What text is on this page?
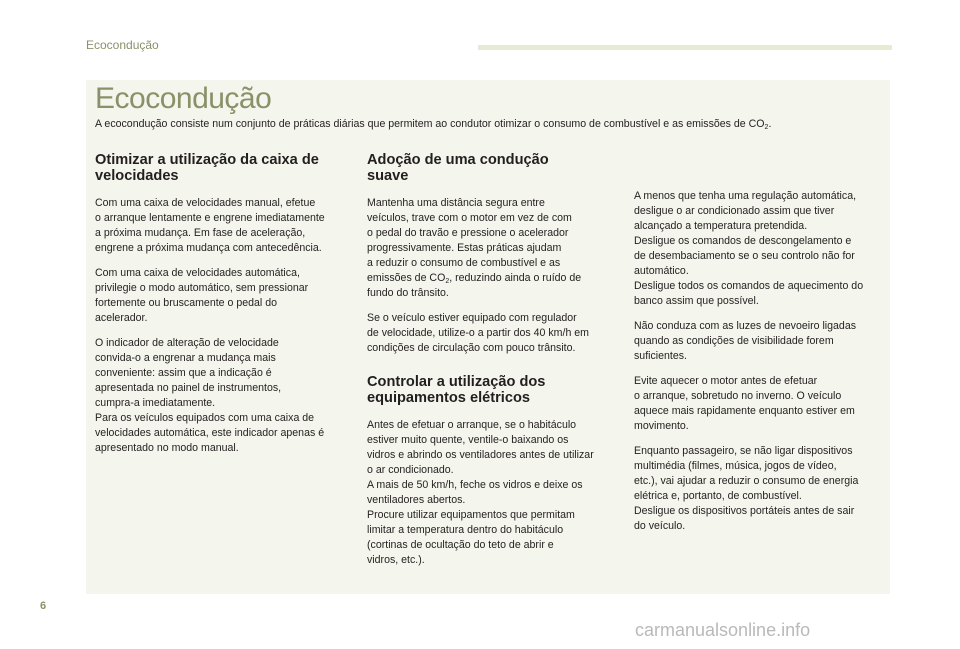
Ecocondução
Ecocondução
A ecocondução consiste num conjunto de práticas diárias que permitem ao condutor otimizar o consumo de combustível e as emissões de $CO_2$.
Otimizar a utilização da caixa de
velocidades

Com uma caixa de velocidades manual, efetue
o arranque lentamente e engrene imediatamente
a próxima mudança. Em fase de aceleração,
engrene a próxima mudança com antecedência.

Com uma caixa de velocidades automática,
privilegie o modo automático, sem pressionar
fortemente ou bruscamente o pedal do
acelerador.

O indicador de alteração de velocidade
convida-o a engrenar a mudança mais
conveniente: assim que a indicação é
apresentada no painel de instrumentos,
cumpra-a imediatamente.
Para os veículos equipados com uma caixa de
velocidades automática, este indicador apenas é
apresentado no modo manual.

Adoção de uma condução
suave

Mantenha uma distância segura entre
veículos, trave com o motor em vez de com
o pedal do travão e pressione o acelerador
progressivamente. Estas práticas ajudam
a reduzir o consumo de combustível e as
emissões de $CO_2$, reduzindo ainda o ruído de
fundo do trânsito.

Se o veículo estiver equipado com regulador
de velocidade, utilize-o a partir dos 40 km/h em
condições de circulação com pouco trânsito.

Controlar a utilização dos
equipamentos elétricos

Antes de efetuar o arranque, se o habitáculo
estiver muito quente, ventile-o baixando os
vidros e abrindo os ventiladores antes de utilizar
o ar condicionado.
A mais de 50 km/h, feche os vidros e deixe os
ventiladores abertos.
Procure utilizar equipamentos que permitam
limitar a temperatura dentro do habitáculo
(cortinas de ocultação do teto de abrir e
vidros, etc.).

A menos que tenha uma regulação automática,
desligue o ar condicionado assim que tiver
alcançado a temperatura pretendida.
Desligue os comandos de descongelamento e
de desembaciamento se o seu controlo não for
automático.
Desligue todos os comandos de aquecimento do
banco assim que possível.

Não conduza com as luzes de nevoeiro ligadas
quando as condições de visibilidade forem
suficientes.

Evite aquecer o motor antes de efetuar
o arranque, sobretudo no inverno. O veículo
aquece mais rapidamente enquanto estiver em
movimento.

Enquanto passageiro, se não ligar dispositivos
multimédia (filmes, música, jogos de vídeo,
etc.), vai ajudar a reduzir o consumo de energia
elétrica e, portanto, de combustível.
Desligue os dispositivos portáteis antes de sair
do veículo.

6
carmanualsonline.info
